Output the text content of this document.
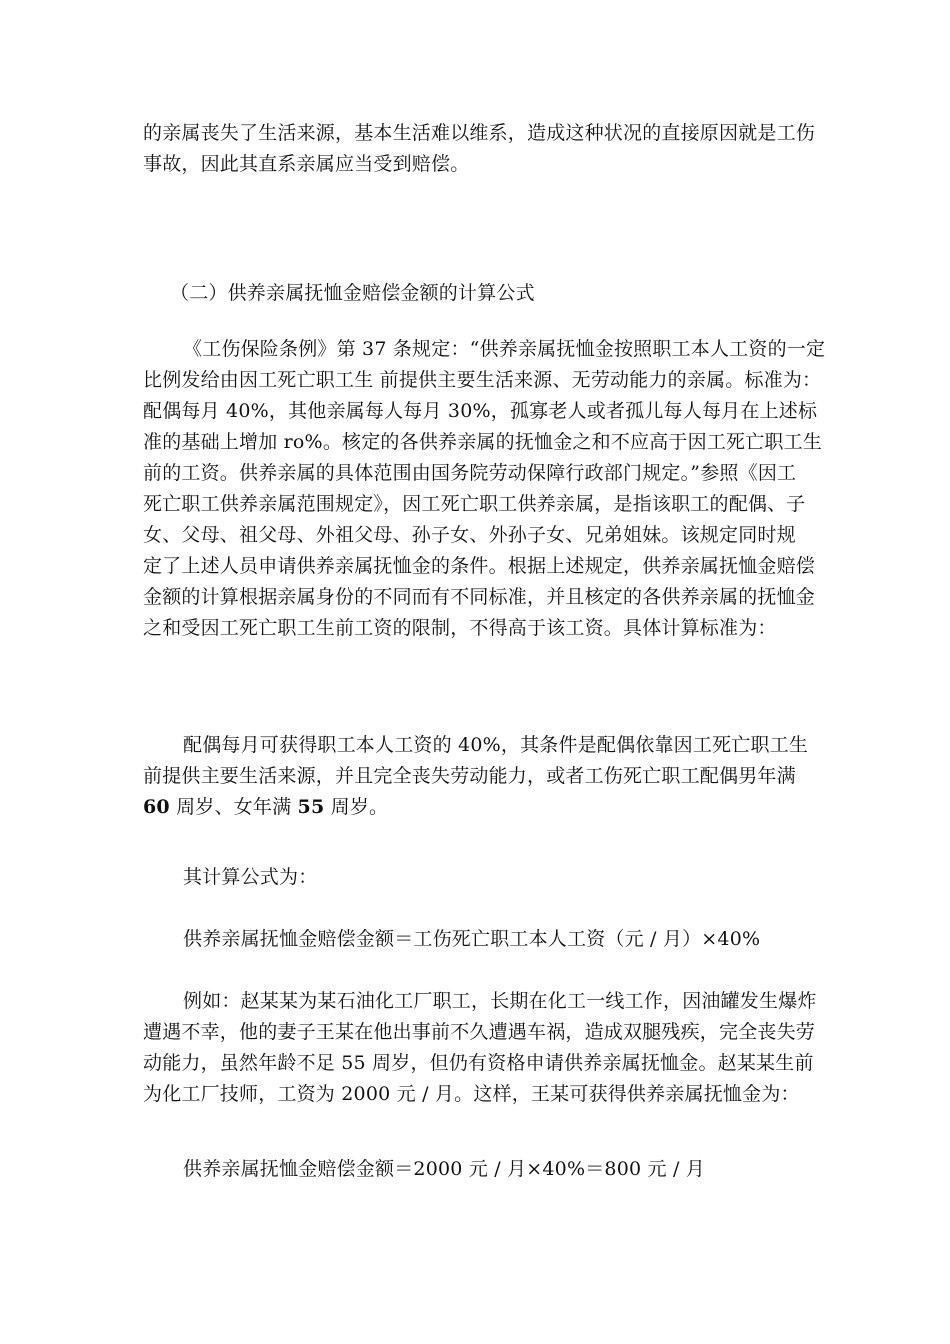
的亲属丧失了生活来源，基本生活难以维系，造成这种状况的直接原因就是工伤
事故，因此其直系亲属应当受到赔偿。
（二）供养亲属抚恤金赔偿金额的计算公式
《工伤保险条例》第 37 条规定：“供养亲属抚恤金按照职工本人工资的一定
比例发给由因工死亡职工生 前提供主要生活来源、无劳动能力的亲属。标准为：
配偶每月 40%，其他亲属每人每月 30%，孤寡老人或者孤儿每人每月在上述标
准的基础上增加 ro%。核定的各供养亲属的抚恤金之和不应高于因工死亡职工生
前的工资。供养亲属的具体范围由国务院劳动保障行政部门规定。”参照《因工
死亡职工供养亲属范围规定》，因工死亡职工供养亲属，是指该职工的配偶、子
女、父母、祖父母、外祖父母、孙子女、外孙子女、兄弟姐妹。该规定同时规
定了上述人员申请供养亲属抚恤金的条件。根据上述规定，供养亲属抚恤金赔偿
金额的计算根据亲属身份的不同而有不同标准，并且核定的各供养亲属的抚恤金
之和受因工死亡职工生前工资的限制，不得高于该工资。具体计算标准为：
配偶每月可获得职工本人工资的 40%，其条件是配偶依靠因工死亡职工生
前提供主要生活来源，并且完全丧失劳动能力，或者工伤死亡职工配偶男年满
60 周岁、女年满 55 周岁。
其计算公式为：
供养亲属抚恤金赔偿金额＝工伤死亡职工本人工资（元 / 月）×40%
例如：赵某某为某石油化工厂职工，长期在化工一线工作，因油罐发生爆炸
遭遇不幸，他的妻子王某在他出事前不久遭遇车祸，造成双腿残疾，完全丧失劳
动能力，虽然年龄不足 55 周岁，但仍有资格申请供养亲属抚恤金。赵某某生前
为化工厂技师，工资为 2000 元 / 月。这样，王某可获得供养亲属抚恤金为：
供养亲属抚恤金赔偿金额＝2000 元 / 月×40%＝800 元 / 月
